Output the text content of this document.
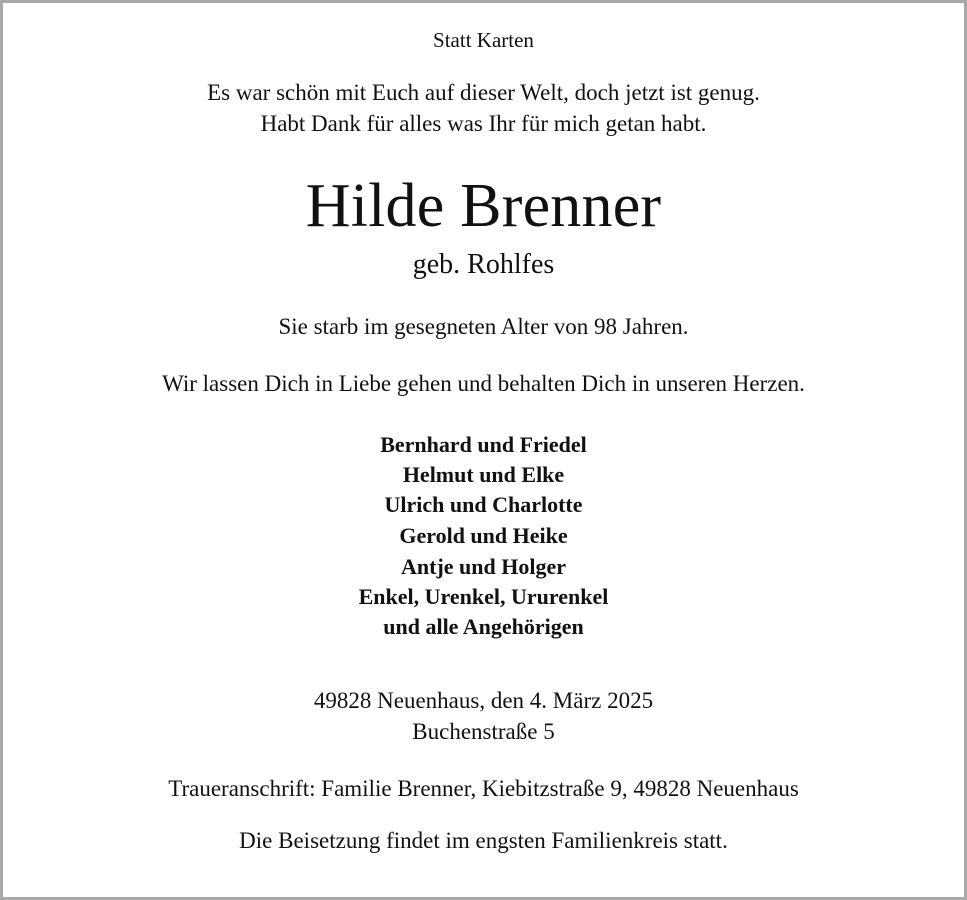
Statt Karten
Es war schön mit Euch auf dieser Welt, doch jetzt ist genug.
Habt Dank für alles was Ihr für mich getan habt.
Hilde Brenner
geb. Rohlfes
Sie starb im gesegneten Alter von 98 Jahren.
Wir lassen Dich in Liebe gehen und behalten Dich in unseren Herzen.
Bernhard und Friedel
Helmut und Elke
Ulrich und Charlotte
Gerold und Heike
Antje und Holger
Enkel, Urenkel, Ururenkel
und alle Angehörigen
49828 Neuenhaus, den 4. März 2025
Buchenstraße 5
Traueranschrift: Familie Brenner, Kiebitzstraße 9, 49828 Neuenhaus
Die Beisetzung findet im engsten Familienkreis statt.
